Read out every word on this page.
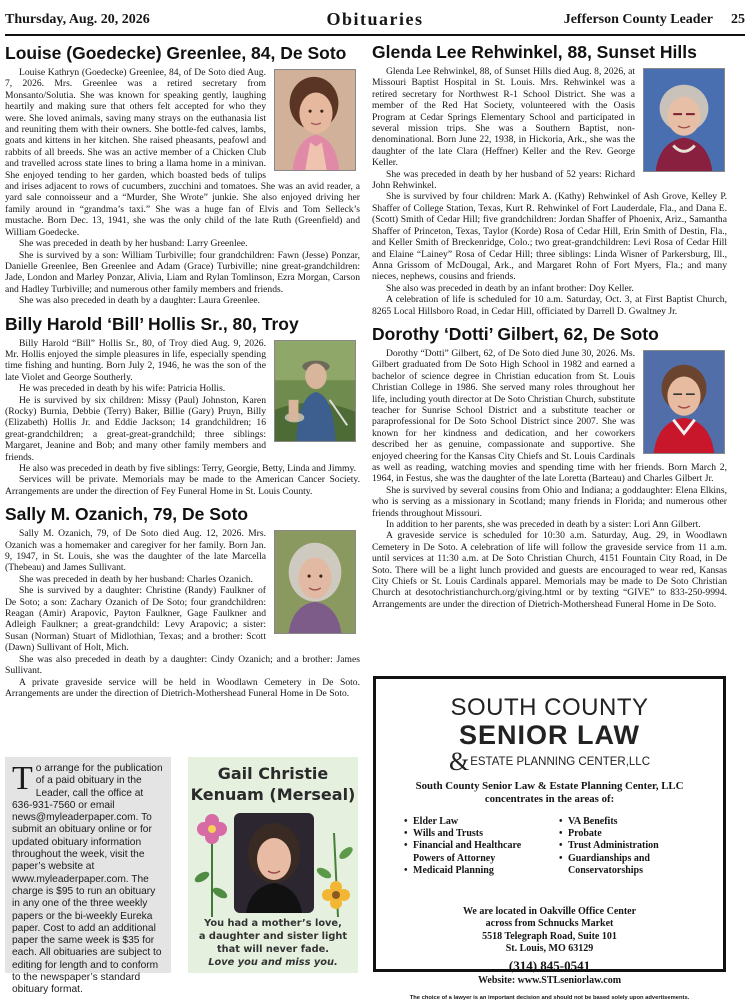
Thursday, Aug. 20, 2026	Obituaries	Jefferson County Leader 25
Louise (Goedecke) Greenlee, 84, De Soto

Louise Kathryn (Goedecke) Greenlee, 84, of De Soto died Aug. 7, 2026. Mrs. Greenlee was a retired secretary from Monsanto/Solutia. She was known for speaking gently, laughing heartily and making sure that others felt accepted for who they were. She loved animals, saving many strays on the euthanasia list and reuniting them with their owners. She bottle-fed calves, lambs, goats and kittens in her kitchen. She raised pheasants, peafowl and rabbits of all breeds. She was an active member of a Chicken Club and travelled across state lines to bring a llama home in a minivan. She enjoyed tending to her garden, which boasted beds of tulips and irises adjacent to rows of cucumbers, zucchini and tomatoes. She was an avid reader, a yard sale connoisseur and a “Murder, She Wrote” junkie. She also enjoyed driving her family around in “grandma’s taxi.” She was a huge fan of Elvis and Tom Selleck’s mustache. Born Dec. 13, 1941, she was the only child of the late Ruth (Greenfield) and William Goedecke.

She was preceded in death by her husband: Larry Greenlee.

She is survived by a son: William Turbiville; four grandchildren: Fawn (Jesse) Ponzar, Danielle Greenlee, Ben Greenlee and Adam (Grace) Turbiville; nine great-grandchildren: Jade, London and Marley Ponzar, Alivia, Liam and Rylan Tomlinson, Ezra Morgan, Carson and Hadley Turbiville; and numerous other family members and friends.

She was also preceded in death by a daughter: Laura Greenlee.

Billy Harold ‘Bill’ Hollis Sr., 80, Troy

Billy Harold “Bill” Hollis Sr., 80, of Troy died Aug. 9, 2026. Mr. Hollis enjoyed the simple pleasures in life, especially spending time fishing and hunting. Born July 2, 1946, he was the son of the late Violet and George Southerly.

He was preceded in death by his wife: Patricia Hollis.

He is survived by six children: Missy (Paul) Johnston, Karen (Rocky) Burnia, Debbie (Terry) Baker, Billie (Gary) Pruyn, Billy (Elizabeth) Hollis Jr. and Eddie Jackson; 14 grandchildren; 16 great-grandchildren; a great-great-grandchild; three siblings: Margaret, Jeanine and Bob; and many other family members and friends.

He also was preceded in death by five siblings: Terry, Georgie, Betty, Linda and Jimmy.

Services will be private. Memorials may be made to the American Cancer Society. Arrangements are under the direction of Fey Funeral Home in St. Louis County.

Sally M. Ozanich, 79, De Soto

Sally M. Ozanich, 79, of De Soto died Aug. 12, 2026. Mrs. Ozanich was a homemaker and caregiver for her family. Born Jan. 9, 1947, in St. Louis, she was the daughter of the late Marcella (Thebeau) and James Sullivant.

She was preceded in death by her husband: Charles Ozanich.

She is survived by a daughter: Christine (Randy) Faulkner of De Soto; a son: Zachary Ozanich of De Soto; four grandchildren: Reagan (Amir) Arapovic, Payton Faulkner, Gage Faulkner and Adleigh Faulkner; a great-grandchild: Levy Arapovic; a sister: Susan (Norman) Stuart of Midlothian, Texas; and a brother: Scott (Dawn) Sullivant of Holt, Mich.

She was also preceded in death by a daughter: Cindy Ozanich; and a brother: James Sullivant.

A private graveside service will be held in Woodlawn Cemetery in De Soto. Arrangements are under the direction of Dietrich-Mothershead Funeral Home in De Soto.

Glenda Lee Rehwinkel, 88, Sunset Hills

Glenda Lee Rehwinkel, 88, of Sunset Hills died Aug. 8, 2026, at Missouri Baptist Hospital in St. Louis. Mrs. Rehwinkel was a retired secretary for Northwest R-1 School District. She was a member of the Red Hat Society, volunteered with the Oasis Program at Cedar Springs Elementary School and participated in several mission trips. She was a Southern Baptist, non-denominational. Born June 22, 1938, in Hickoria, Ark., she was the daughter of the late Clara (Heffner) Keller and the Rev. George Keller.

She was preceded in death by her husband of 52 years: Richard John Rehwinkel.

She is survived by four children: Mark A. (Kathy) Rehwinkel of Ash Grove, Kelley P. Shaffer of College Station, Texas, Kurt R. Rehwinkel of Fort Lauderdale, Fla., and Dana E. (Scott) Smith of Cedar Hill; five grandchildren: Jordan Shaffer of Phoenix, Ariz., Samantha Shaffer of Princeton, Texas, Taylor (Korde) Rosa of Cedar Hill, Erin Smith of Destin, Fla., and Keller Smith of Breckenridge, Colo.; two great-grandchildren: Levi Rosa of Cedar Hill and Elaine “Lainey” Rosa of Cedar Hill; three siblings: Linda Wisner of Parkersburg, Ill., Anna Grissom of McDougal, Ark., and Margaret Rohn of Fort Myers, Fla.; and many nieces, nephews, cousins and friends.

She also was preceded in death by an infant brother: Doy Keller.

A celebration of life is scheduled for 10 a.m. Saturday, Oct. 3, at First Baptist Church, 8265 Local Hillsboro Road, in Cedar Hill, officiated by Darrell D. Gwaltney Jr.

Dorothy ‘Dotti’ Gilbert, 62, De Soto

Dorothy “Dotti” Gilbert, 62, of De Soto died June 30, 2026. Ms. Gilbert graduated from De Soto High School in 1982 and earned a bachelor of science degree in Christian education from St. Louis Christian College in 1986. She served many roles throughout her life, including youth director at De Soto Christian Church, substitute teacher for Sunrise School District and a substitute teacher or paraprofessional for De Soto School District since 2007. She was known for her kindness and dedication, and her coworkers described her as genuine, compassionate and supportive. She enjoyed cheering for the Kansas City Chiefs and St. Louis Cardinals as well as reading, watching movies and spending time with her friends. Born March 2, 1964, in Festus, she was the daughter of the late Loretta (Barteau) and Charles Gilbert Jr.

She is survived by several cousins from Ohio and Indiana; a goddaughter: Elena Elkins, who is serving as a missionary in Scotland; many friends in Florida; and numerous other friends throughout Missouri.

In addition to her parents, she was preceded in death by a sister: Lori Ann Gilbert.

A graveside service is scheduled for 10:30 a.m. Saturday, Aug. 29, in Woodlawn Cemetery in De Soto. A celebration of life will follow the graveside service from 11 a.m. until services at 11:30 a.m. at De Soto Christian Church, 4151 Fountain City Road, in De Soto. There will be a light lunch provided and guests are encouraged to wear red, Kansas City Chiefs or St. Louis Cardinals apparel. Memorials may be made to De Soto Christian Church at desotochristianchurch.org/giving.html or by texting “GIVE” to 833-250-9994. Arrangements are under the direction of Dietrich-Mothershead Funeral Home in De Soto.

T o arrange for the publication of a paid obituary in the Leader, call the office at 636-931-7560 or email news@myleaderpaper.com. To submit an obituary online or for updated obituary information throughout the week, visit the paper’s website at www.myleaderpaper.com. The charge is $95 to run an obituary in any one of the three weekly papers or the bi-weekly Eureka paper. Cost to add an additional paper the same week is $35 for each. All obituaries are subject to editing for length and to conform to the newspaper’s standard obituary format.
Gail Christie Kenuam (Merseal)
You had a mother’s love,
a daughter and sister light
that will never fade.
Love you and miss you.
SOUTH COUNTY
SENIOR LAW
&ESTATE PLANNING CENTER,LLC
South County Senior Law & Estate Planning Center, LLC
concentrates in the areas of:
• Elder Law
• Wills and Trusts
• Financial and Healthcare
Powers of Attorney
• Medicaid Planning
• VA Benefits
• Probate
• Trust Administration
• Guardianships and
Conservatorships
We are located in Oakville Office Center
across from Schnucks Market
5518 Telegraph Road, Suite 101
St. Louis, MO 63129
(314) 845-0541
Website: www.STLseniorlaw.com
The choice of a lawyer is an important decision and should not be based solely upon advertisements.
